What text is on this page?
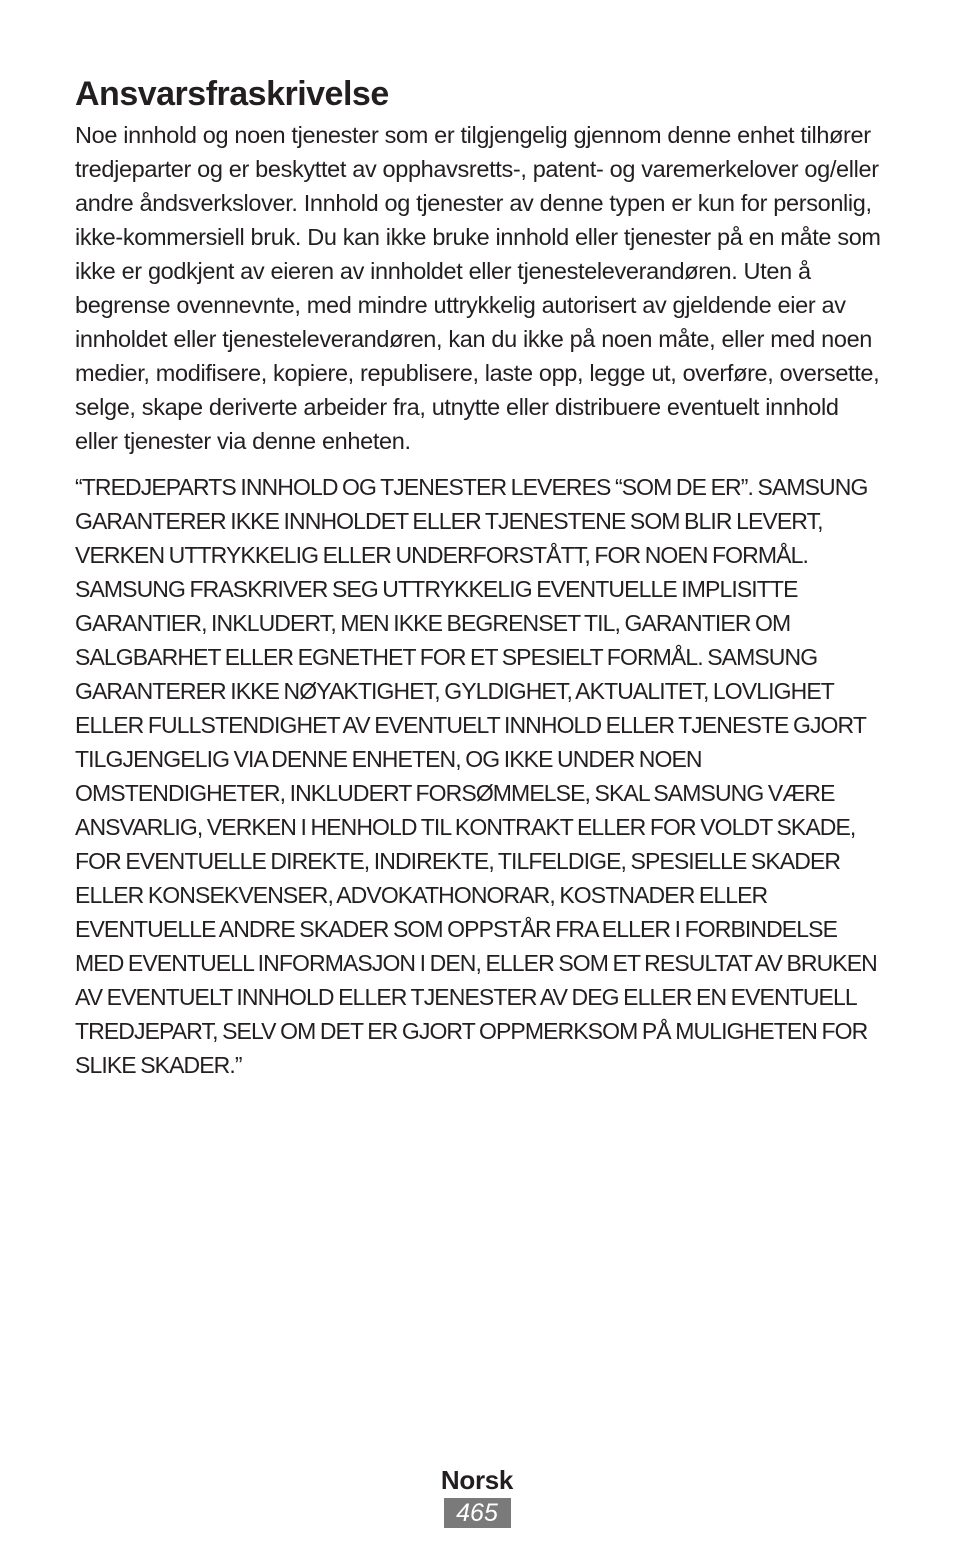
Ansvarsfraskrivelse

Noe innhold og noen tjenester som er tilgjengelig gjennom denne enhet tilhører tredjeparter og er beskyttet av opphavsretts-, patent- og varemerkelover og/eller andre åndsverkslover. Innhold og tjenester av denne typen er kun for personlig, ikke-kommersiell bruk. Du kan ikke bruke innhold eller tjenester på en måte som ikke er godkjent av eieren av innholdet eller tjenesteleverandøren. Uten å begrense ovennevnte, med mindre uttrykkelig autorisert av gjeldende eier av innholdet eller tjenesteleverandøren, kan du ikke på noen måte, eller med noen medier, modifisere, kopiere, republisere, laste opp, legge ut, overføre, oversette, selge, skape deriverte arbeider fra, utnytte eller distribuere eventuelt innhold eller tjenester via denne enheten.

“TREDJEPARTS INNHOLD OG TJENESTER LEVERES “SOM DE ER”. SAMSUNG GARANTERER IKKE INNHOLDET ELLER TJENESTENE SOM BLIR LEVERT, VERKEN UTTRYKKELIG ELLER UNDERFORSTÅTT, FOR NOEN FORMÅL. SAMSUNG FRASKRIVER SEG UTTRYKKELIG EVENTUELLE IMPLISITTE GARANTIER, INKLUDERT, MEN IKKE BEGRENSET TIL, GARANTIER OM SALGBARHET ELLER EGNETHET FOR ET SPESIELT FORMÅL. SAMSUNG GARANTERER IKKE NØYAKTIGHET, GYLDIGHET, AKTUALITET, LOVLIGHET ELLER FULLSTENDIGHET AV EVENTUELT INNHOLD ELLER TJENESTE GJORT TILGJENGELIG VIA DENNE ENHETEN, OG IKKE UNDER NOEN OMSTENDIGHETER, INKLUDERT FORSØMMELSE, SKAL SAMSUNG VÆRE ANSVARLIG, VERKEN I HENHOLD TIL KONTRAKT ELLER FOR VOLDT SKADE, FOR EVENTUELLE DIREKTE, INDIREKTE, TILFELDIGE, SPESIELLE SKADER ELLER KONSEKVENSER, ADVOKATHONORAR, KOSTNADER ELLER EVENTUELLE ANDRE SKADER SOM OPPSTÅR FRA ELLER I FORBINDELSE MED EVENTUELL INFORMASJON I DEN, ELLER SOM ET RESULTAT AV BRUKEN AV EVENTUELT INNHOLD ELLER TJENESTER AV DEG ELLER EN EVENTUELL TREDJEPART, SELV OM DET ER GJORT OPPMERKSOM PÅ MULIGHETEN FOR SLIKE SKADER.”

Norsk
465
